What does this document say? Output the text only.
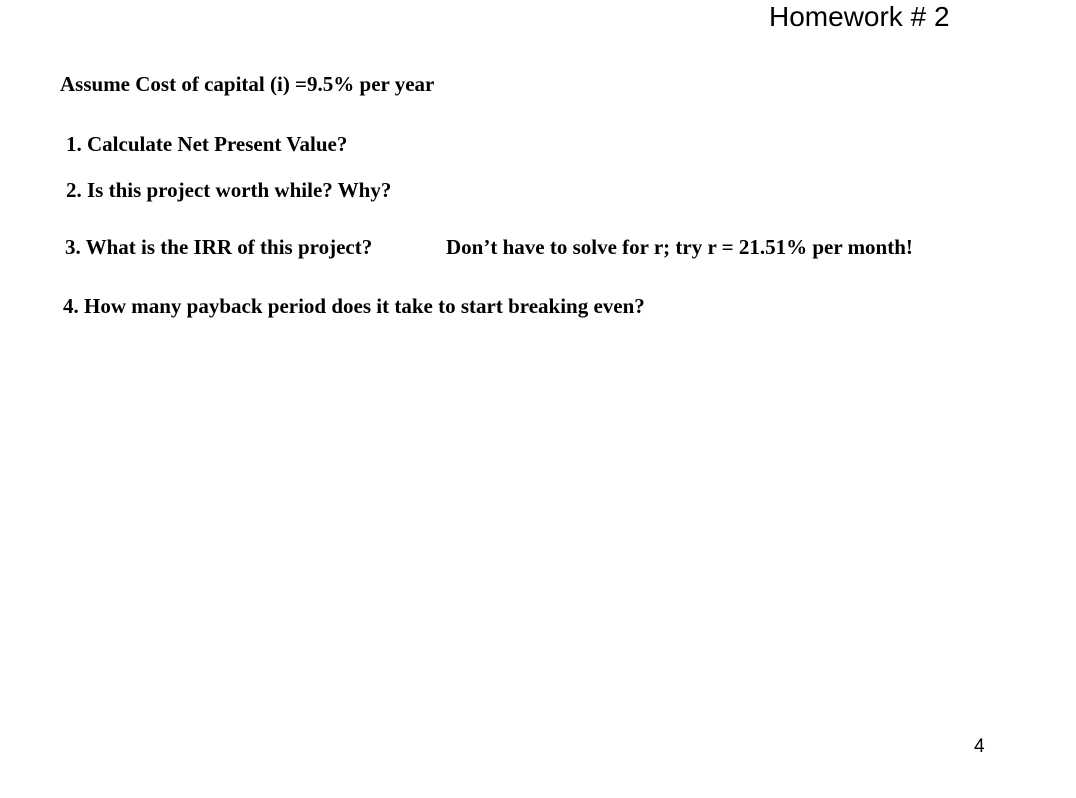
Homework # 2
Assume Cost of capital (i) =9.5% per year
1. Calculate Net Present Value?
2. Is this project worth while? Why?
3. What is the IRR of this project?	Don’t have to solve for r; try r = 21.51% per month!
4. How many payback period does it take to start breaking even?
4
